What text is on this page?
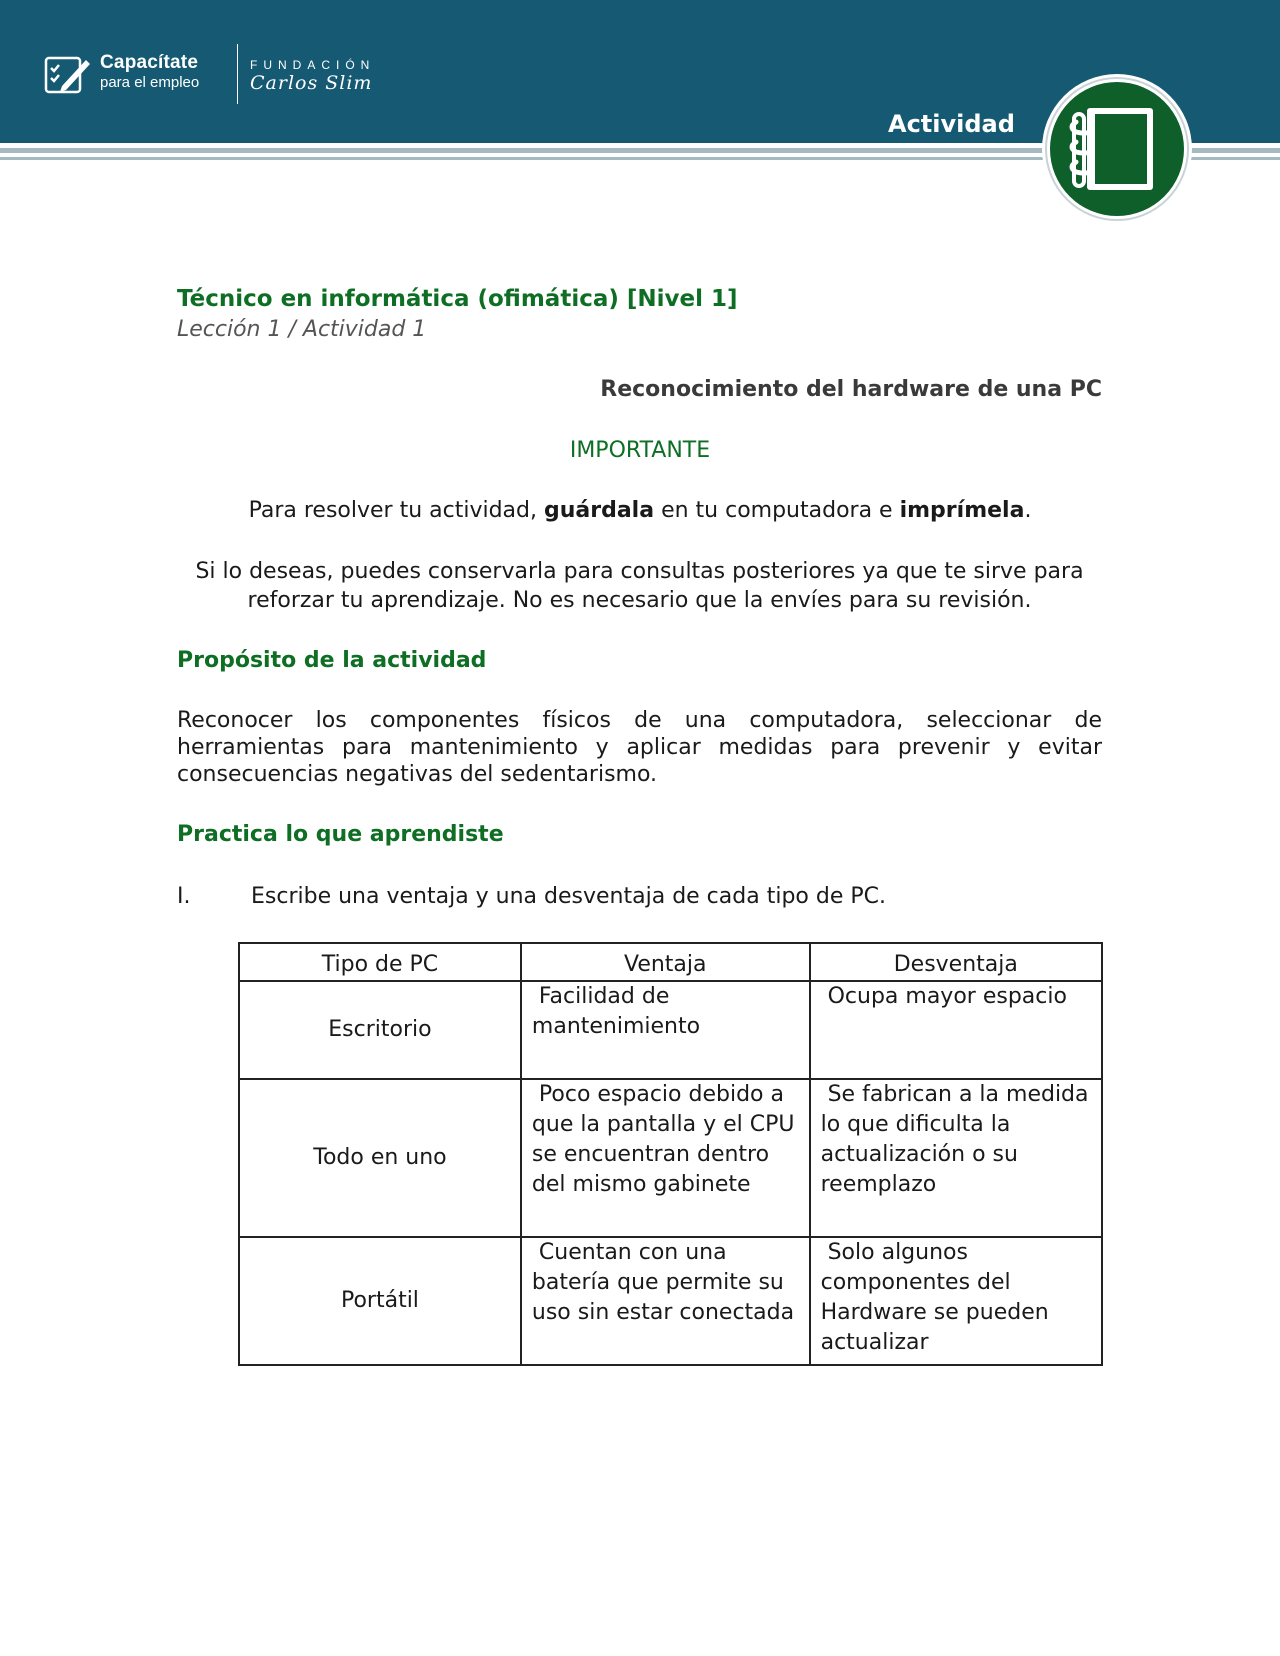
Capacítate
para el empleo
FUNDACIÓN
Carlos Slim
Actividad
Técnico en informática (ofimática) [Nivel 1]
Lección 1 / Actividad 1
Reconocimiento del hardware de una PC
IMPORTANTE
Para resolver tu actividad, guárdala en tu computadora e imprímela.
Si lo deseas, puedes conservarla para consultas posteriores ya que te sirve para reforzar tu aprendizaje. No es necesario que la envíes para su revisión.
Propósito de la actividad
Reconocer los componentes físicos de una computadora, seleccionar de herramientas para mantenimiento y aplicar medidas para prevenir y evitar consecuencias negativas del sedentarismo.
Practica lo que aprendiste
I.	Escribe una ventaja y una desventaja de cada tipo de PC.
Tipo de PC	Ventaja	Desventaja
Escritorio	Facilidad de mantenimiento	Ocupa mayor espacio
Todo en uno	Poco espacio debido a que la pantalla y el CPU se encuentran dentro del mismo gabinete	Se fabrican a la medida lo que dificulta la actualización o su reemplazo
Portátil	Cuentan con una batería que permite su uso sin estar conectada	Solo algunos componentes del Hardware se pueden actualizar
